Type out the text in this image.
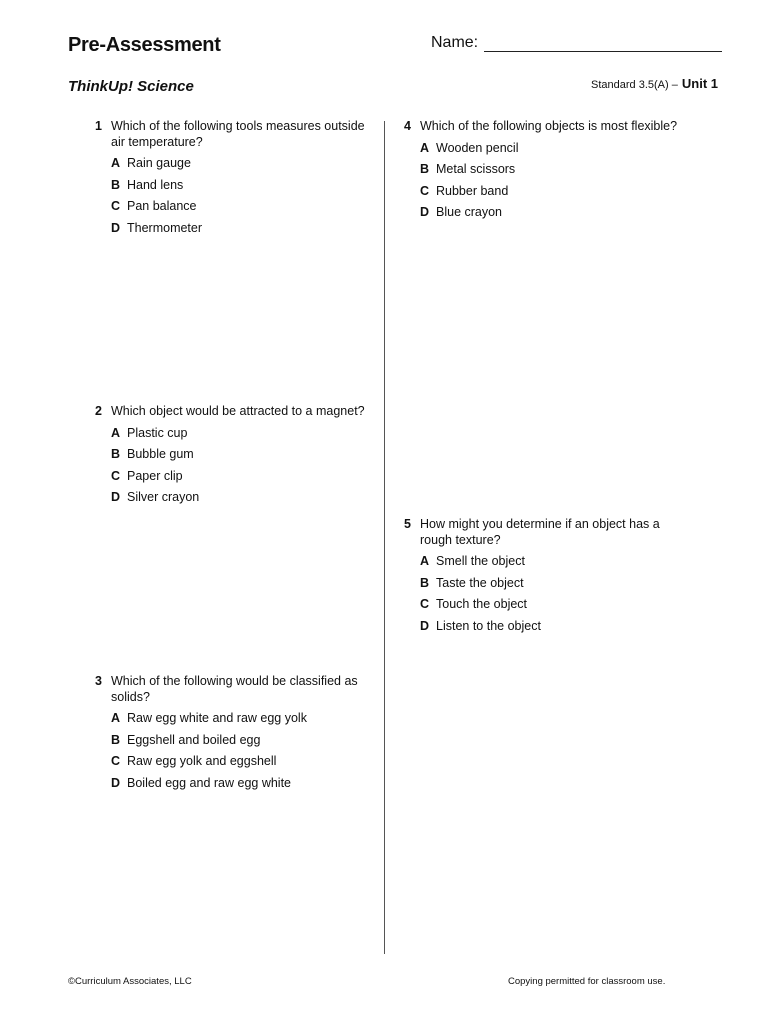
Pre-Assessment	Name:
ThinkUp! Science	Standard 3.5(A) – Unit 1
1 Which of the following tools measures outside air temperature?
A Rain gauge
B Hand lens
C Pan balance
D Thermometer
2 Which object would be attracted to a magnet?
A Plastic cup
B Bubble gum
C Paper clip
D Silver crayon
3 Which of the following would be classified as solids?
A Raw egg white and raw egg yolk
B Eggshell and boiled egg
C Raw egg yolk and eggshell
D Boiled egg and raw egg white
4 Which of the following objects is most flexible?
A Wooden pencil
B Metal scissors
C Rubber band
D Blue crayon
5 How might you determine if an object has a rough texture?
A Smell the object
B Taste the object
C Touch the object
D Listen to the object
©Curriculum Associates, LLC	Copying permitted for classroom use.
